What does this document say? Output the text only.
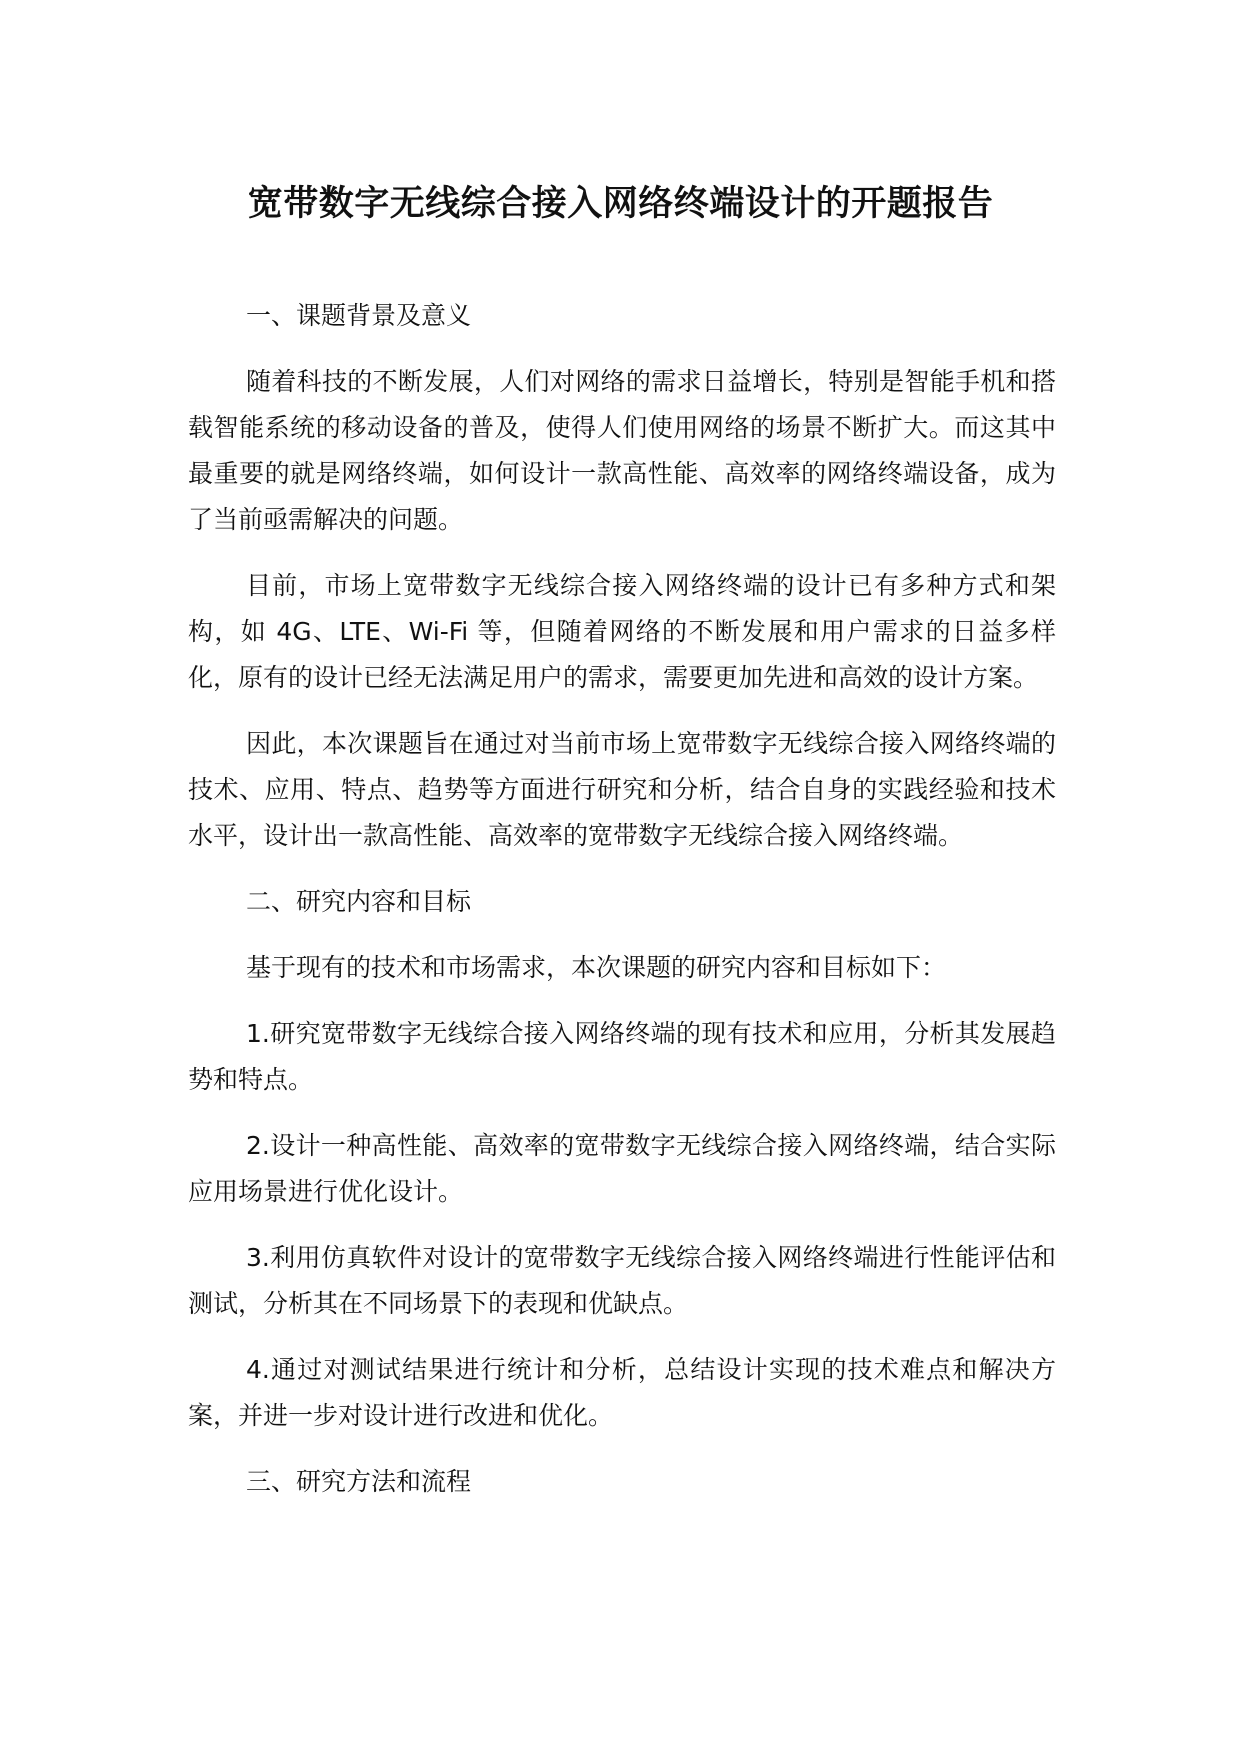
宽带数字无线综合接入网络终端设计的开题报告

一、课题背景及意义

随着科技的不断发展，人们对网络的需求日益增长，特别是智能手机和搭载智能系统的移动设备的普及，使得人们使用网络的场景不断扩大。而这其中最重要的就是网络终端，如何设计一款高性能、高效率的网络终端设备，成为了当前亟需解决的问题。

目前，市场上宽带数字无线综合接入网络终端的设计已有多种方式和架构，如 4G、LTE、Wi-Fi 等，但随着网络的不断发展和用户需求的日益多样化，原有的设计已经无法满足用户的需求，需要更加先进和高效的设计方案。

因此，本次课题旨在通过对当前市场上宽带数字无线综合接入网络终端的技术、应用、特点、趋势等方面进行研究和分析，结合自身的实践经验和技术水平，设计出一款高性能、高效率的宽带数字无线综合接入网络终端。

二、研究内容和目标

基于现有的技术和市场需求，本次课题的研究内容和目标如下：

1.研究宽带数字无线综合接入网络终端的现有技术和应用，分析其发展趋势和特点。

2.设计一种高性能、高效率的宽带数字无线综合接入网络终端，结合实际应用场景进行优化设计。

3.利用仿真软件对设计的宽带数字无线综合接入网络终端进行性能评估和测试，分析其在不同场景下的表现和优缺点。

4.通过对测试结果进行统计和分析，总结设计实现的技术难点和解决方案，并进一步对设计进行改进和优化。

三、研究方法和流程
